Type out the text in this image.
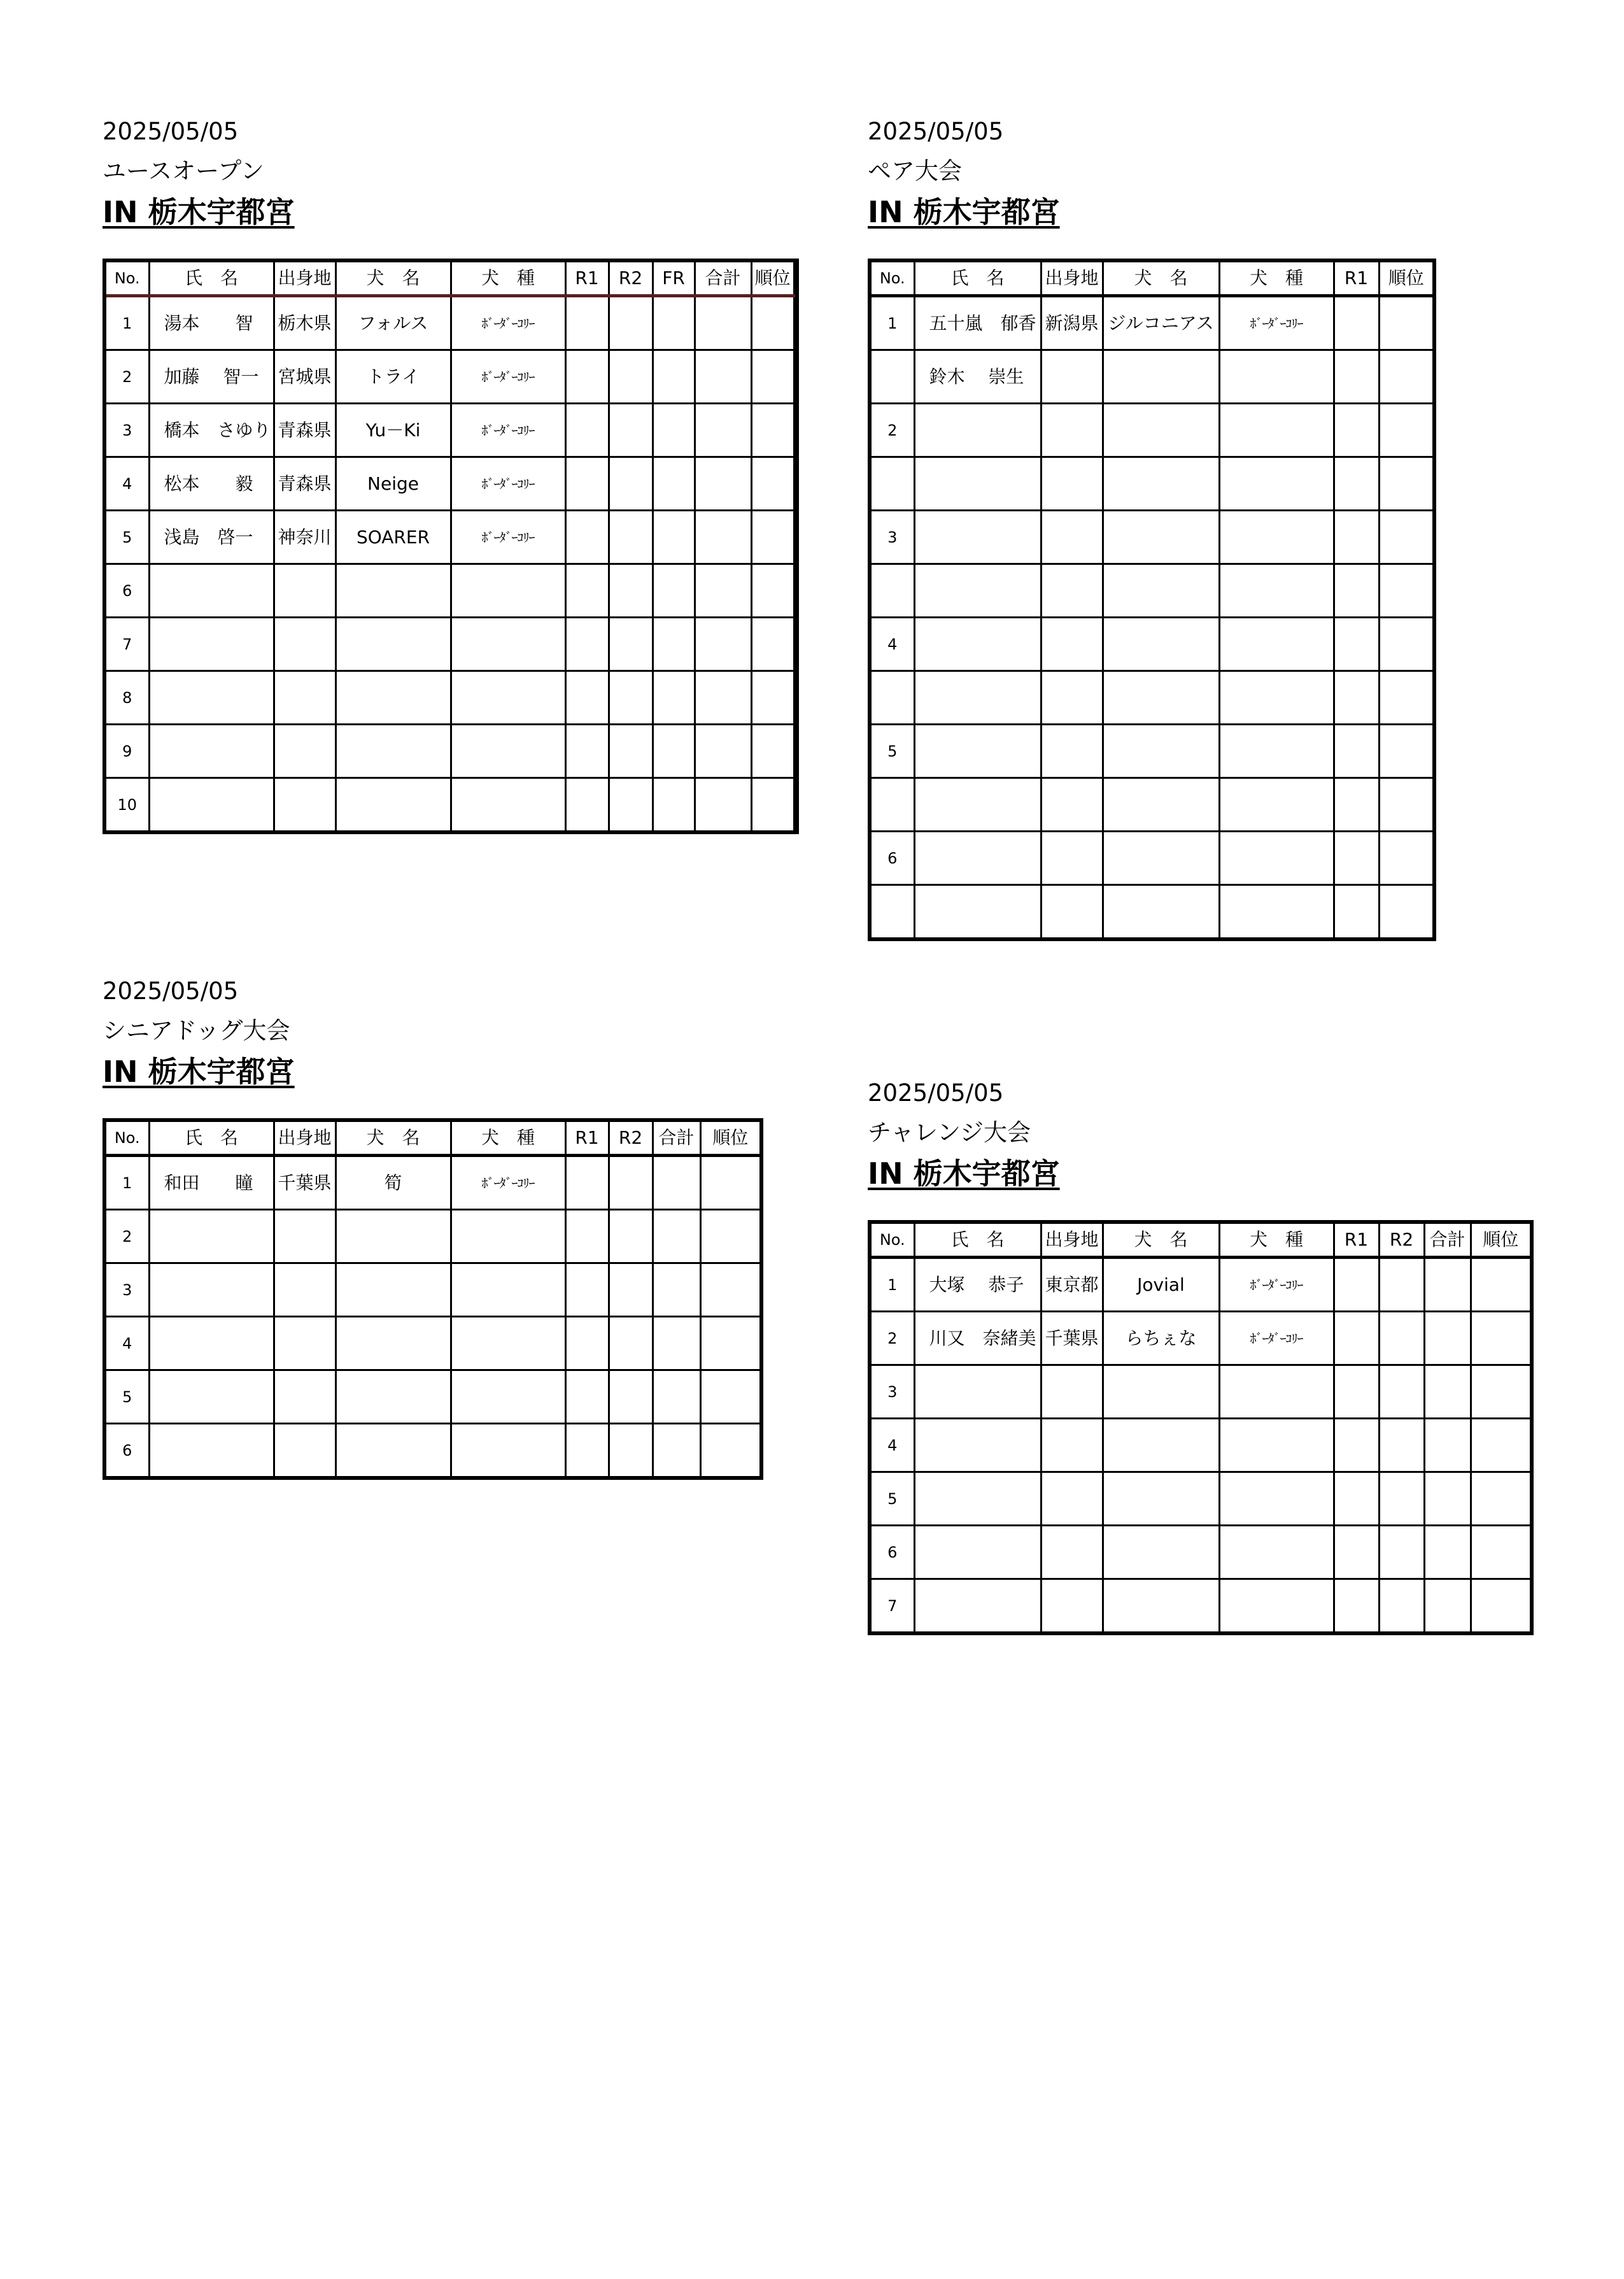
2025/05/05
ユースオープン
IN 栃木宇都宮
No.	氏　名	出身地	犬　名	犬　種	R1	R2	FR	合計	順位	
1	湯本　　智	栃木県	フォルス	ﾎﾞｰﾀﾞｰｺﾘｰ						
2	加藤　 智一	宮城県	トライ	ﾎﾞｰﾀﾞｰｺﾘｰ						
3	橋本　さゆり	青森県	Yu－Ki	ﾎﾞｰﾀﾞｰｺﾘｰ						
4	松本　　毅	青森県	Neige	ﾎﾞｰﾀﾞｰｺﾘｰ						
5	浅島　啓一	神奈川	SOARER	ﾎﾞｰﾀﾞｰｺﾘｰ						
6										
7										
8										
9										
10										
2025/05/05
ペア大会
IN 栃木宇都宮
No.	氏　名	出身地	犬　名	犬　種	R1	順位
1	五十嵐　郁香	新潟県	ジルコニアス	ﾎﾞｰﾀﾞｰｺﾘｰ		
	鈴木　 崇生					
2						

3						

4						

5						

6						

2025/05/05
シニアドッグ大会
IN 栃木宇都宮
No.	氏　名	出身地	犬　名	犬　種	R1	R2	合計	順位
1	和田　　瞳	千葉県	筍	ﾎﾞｰﾀﾞｰｺﾘｰ				
2								
3								
4								
5								
6								
2025/05/05
チャレンジ大会
IN 栃木宇都宮
No.	氏　名	出身地	犬　名	犬　種	R1	R2	合計	順位
1	大塚　 恭子	東京都	Jovial	ﾎﾞｰﾀﾞｰｺﾘｰ				
2	川又　奈緒美	千葉県	らちぇな	ﾎﾞｰﾀﾞｰｺﾘｰ				
3								
4								
5								
6								
7								
